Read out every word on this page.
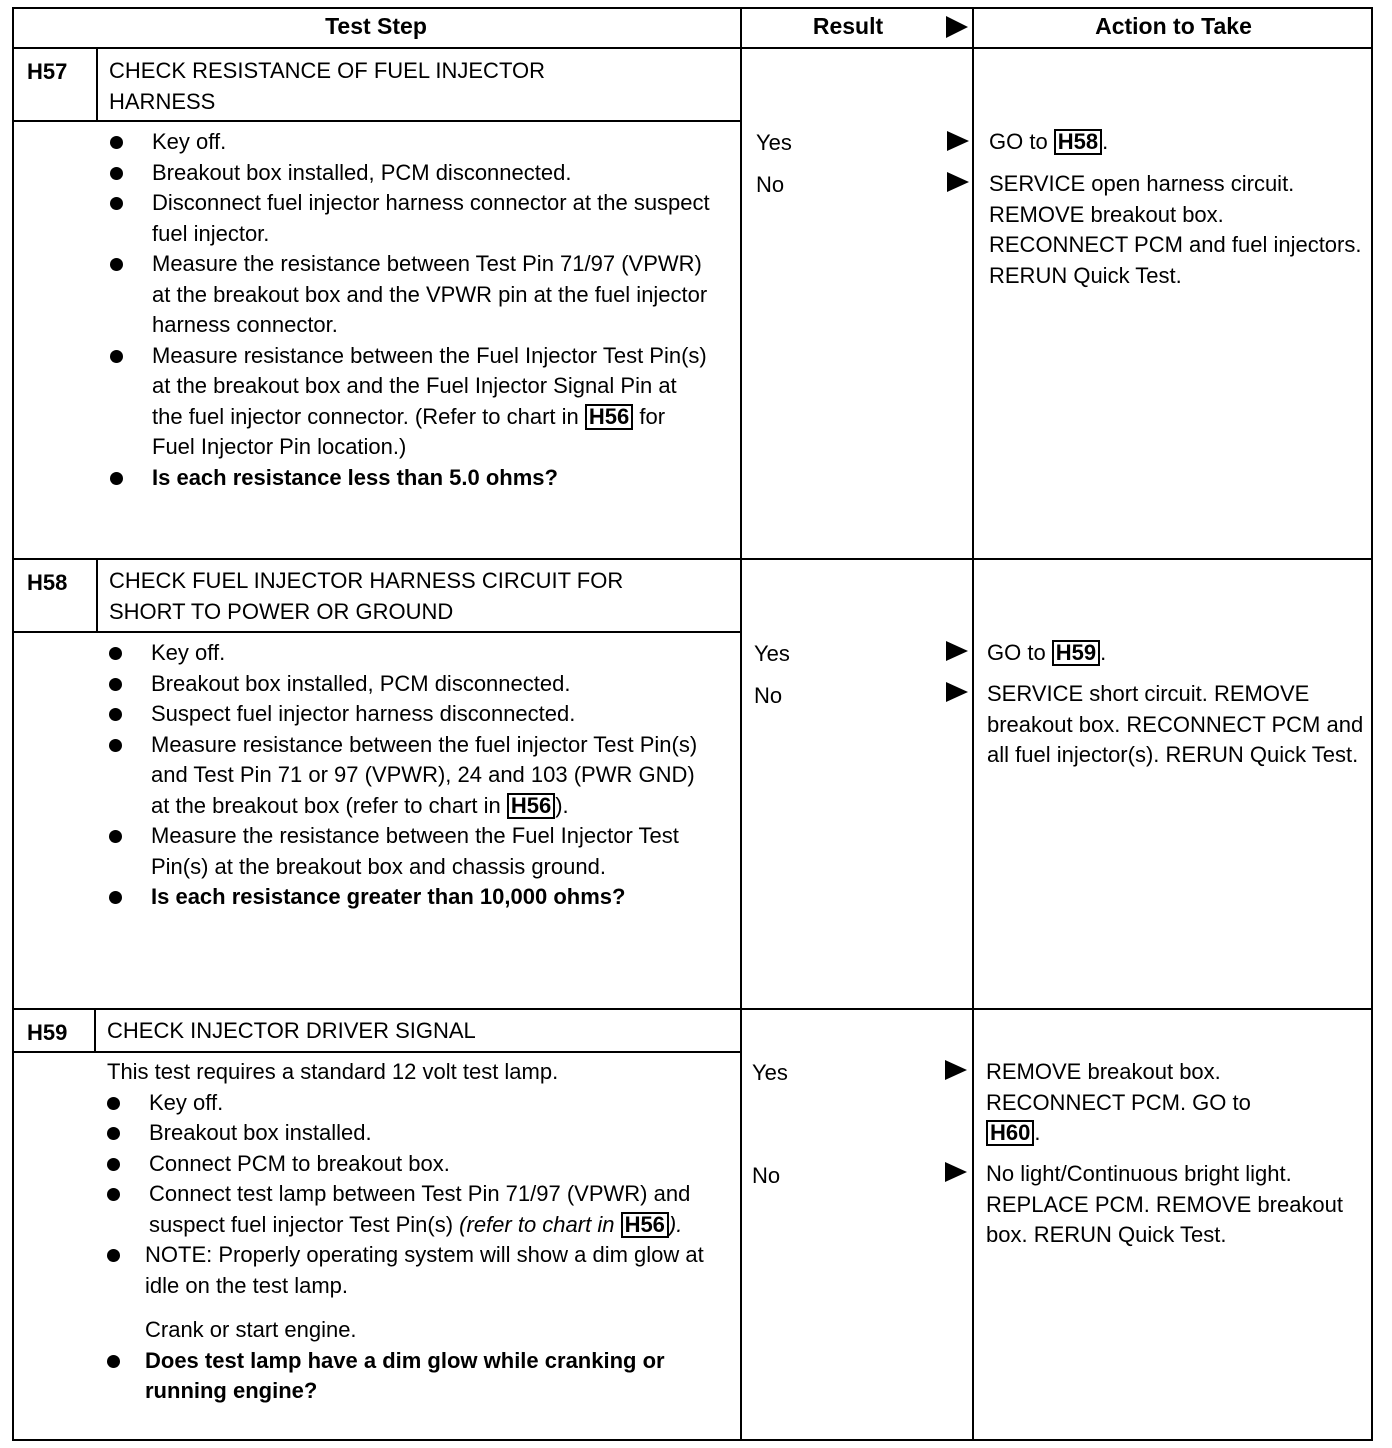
Test Step	Result	Action to Take
H57 CHECK RESISTANCE OF FUEL INJECTOR
HARNESS
Key off.
Breakout box installed, PCM disconnected.
Disconnect fuel injector harness connector at the suspect fuel injector.
Measure the resistance between Test Pin 71/97 (VPWR) at the breakout box and the VPWR pin at the fuel injector harness connector.
Measure resistance between the Fuel Injector Test Pin(s) at the breakout box and the Fuel Injector Signal Pin at the fuel injector connector. (Refer to chart in H56 for Fuel Injector Pin location.)
Is each resistance less than 5.0 ohms?
Yes
No
GO to H58 .
SERVICE open harness circuit. REMOVE breakout box. RECONNECT PCM and fuel injectors. RERUN Quick Test.
H58 CHECK FUEL INJECTOR HARNESS CIRCUIT FOR
SHORT TO POWER OR GROUND
Key off.
Breakout box installed, PCM disconnected.
Suspect fuel injector harness disconnected.
Measure resistance between the fuel injector Test Pin(s) and Test Pin 71 or 97 (VPWR), 24 and 103 (PWR GND) at the breakout box (refer to chart in H56 ).
Measure the resistance between the Fuel Injector Test Pin(s) at the breakout box and chassis ground.
Is each resistance greater than 10,000 ohms?
Yes
No
GO to H59 .
SERVICE short circuit. REMOVE breakout box. RECONNECT PCM and all fuel injector(s). RERUN Quick Test.
H59 CHECK INJECTOR DRIVER SIGNAL
This test requires a standard 12 volt test lamp.
Key off.
Breakout box installed.
Connect PCM to breakout box.
Connect test lamp between Test Pin 71/97 (VPWR) and suspect fuel injector Test Pin(s) (refer to chart in H56 ).
NOTE: Properly operating system will show a dim glow at idle on the test lamp.
Crank or start engine.
Does test lamp have a dim glow while cranking or running engine?
Yes
No
REMOVE breakout box. RECONNECT PCM. GO to H60 .
No light/Continuous bright light. REPLACE PCM. REMOVE breakout box. RERUN Quick Test.
